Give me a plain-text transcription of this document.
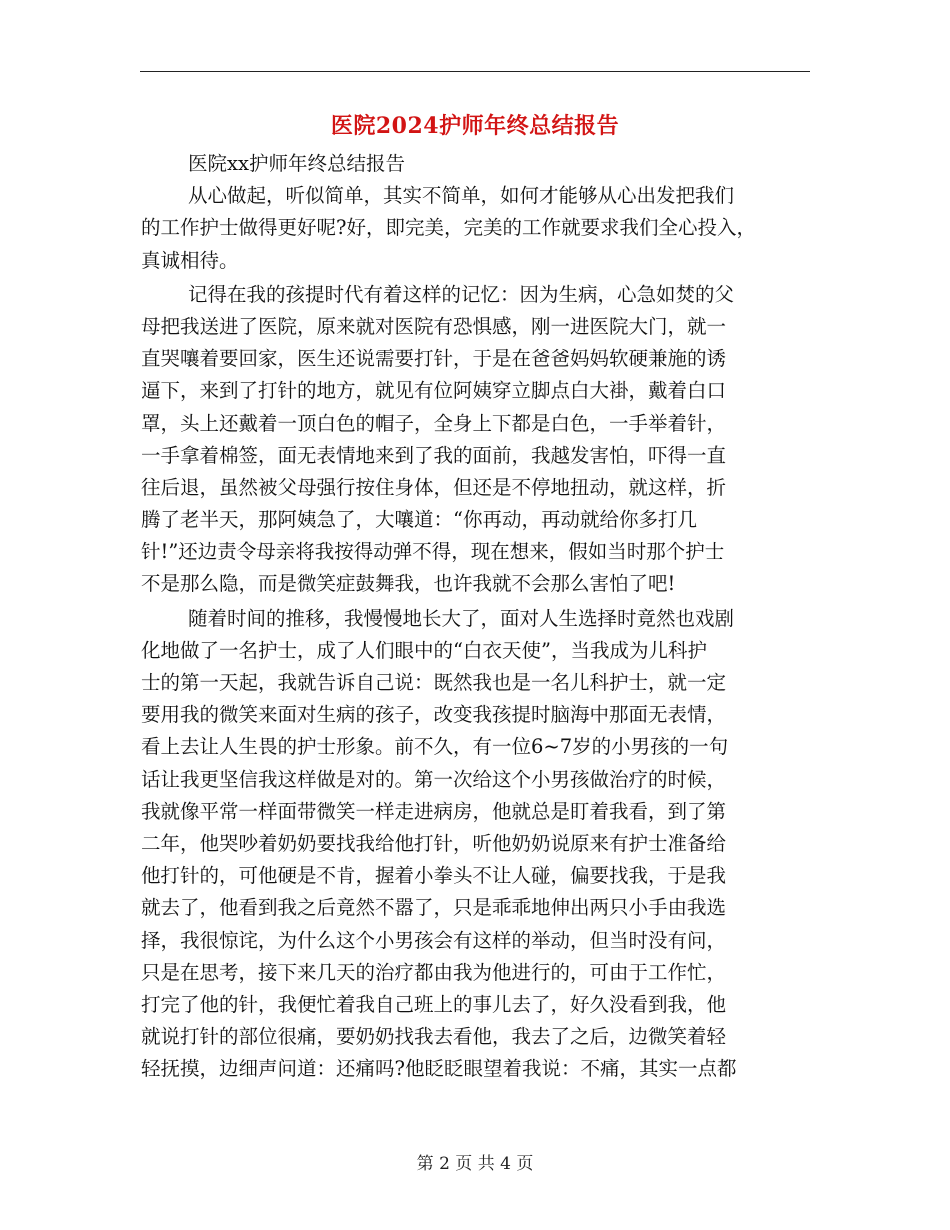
医院2024护师年终总结报告
医院xx护师年终总结报告
从心做起，听似简单，其实不简单，如何才能够从心出发把我们
的工作护士做得更好呢?好，即完美，完美的工作就要求我们全心投入，
真诚相待。
记得在我的孩提时代有着这样的记忆：因为生病，心急如焚的父
母把我送进了医院，原来就对医院有恐惧感，刚一进医院大门，就一
直哭嚷着要回家，医生还说需要打针，于是在爸爸妈妈软硬兼施的诱
逼下，来到了打针的地方，就见有位阿姨穿立脚点白大褂，戴着白口
罩，头上还戴着一顶白色的帽子，全身上下都是白色，一手举着针，
一手拿着棉签，面无表情地来到了我的面前，我越发害怕，吓得一直
往后退，虽然被父母强行按住身体，但还是不停地扭动，就这样，折
腾了老半天，那阿姨急了，大嚷道：“你再动，再动就给你多打几
针!”还边责令母亲将我按得动弹不得，现在想来，假如当时那个护士
不是那么隐，而是微笑症鼓舞我，也许我就不会那么害怕了吧!
随着时间的推移，我慢慢地长大了，面对人生选择时竟然也戏剧
化地做了一名护士，成了人们眼中的“白衣天使”，当我成为儿科护
士的第一天起，我就告诉自己说：既然我也是一名儿科护士，就一定
要用我的微笑来面对生病的孩子，改变我孩提时脑海中那面无表情，
看上去让人生畏的护士形象。前不久，有一位6~7岁的小男孩的一句
话让我更坚信我这样做是对的。第一次给这个小男孩做治疗的时候，
我就像平常一样面带微笑一样走进病房，他就总是盯着我看，到了第
二年，他哭吵着奶奶要找我给他打针，听他奶奶说原来有护士准备给
他打针的，可他硬是不肯，握着小拳头不让人碰，偏要找我，于是我
就去了，他看到我之后竟然不嚣了，只是乖乖地伸出两只小手由我选
择，我很惊诧，为什么这个小男孩会有这样的举动，但当时没有问，
只是在思考，接下来几天的治疗都由我为他进行的，可由于工作忙，
打完了他的针，我便忙着我自己班上的事儿去了，好久没看到我，他
就说打针的部位很痛，要奶奶找我去看他，我去了之后，边微笑着轻
轻抚摸，边细声问道：还痛吗?他眨眨眼望着我说：不痛，其实一点都
第 2 页 共 4 页
